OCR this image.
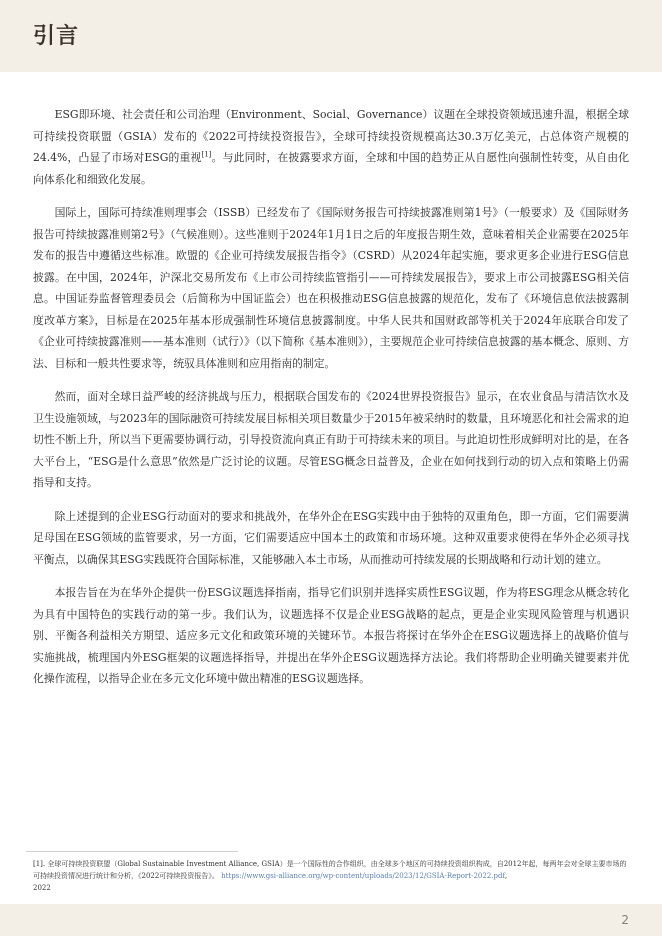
引言

ESG即环境、社会责任和公司治理（Environment、Social、Governance）议题在全球投资领域迅速升温，根据全球可持续投资联盟（GSIA）发布的《2022可持续投资报告》，全球可持续投资规模高达30.3万亿美元，占总体资产规模的24.4%，凸显了市场对ESG的重视[1]。与此同时，在披露要求方面，全球和中国的趋势正从自愿性向强制性转变，从自由化向体系化和细致化发展。

国际上，国际可持续准则理事会（ISSB）已经发布了《国际财务报告可持续披露准则第1号》（一般要求）及《国际财务报告可持续披露准则第2号》（气候准则）。这些准则于2024年1月1日之后的年度报告期生效，意味着相关企业需要在2025年发布的报告中遵循这些标准。欧盟的《企业可持续发展报告指令》（CSRD）从2024年起实施，要求更多企业进行ESG信息披露。在中国，2024年，沪深北交易所发布《上市公司持续监管指引——可持续发展报告》，要求上市公司披露ESG相关信息。中国证券监督管理委员会（后简称为中国证监会）也在积极推动ESG信息披露的规范化，发布了《环境信息依法披露制度改革方案》，目标是在2025年基本形成强制性环境信息披露制度。中华人民共和国财政部等机关于2024年底联合印发了《企业可持续披露准则——基本准则（试行）》（以下简称《基本准则》），主要规范企业可持续信息披露的基本概念、原则、方法、目标和一般共性要求等，统驭具体准则和应用指南的制定。

然而，面对全球日益严峻的经济挑战与压力，根据联合国发布的《2024世界投资报告》显示，在农业食品与清洁饮水及卫生设施领域，与2023年的国际融资可持续发展目标相关项目数量少于2015年被采纳时的数量，且环境恶化和社会需求的迫切性不断上升，所以当下更需要协调行动，引导投资流向真正有助于可持续未来的项目。与此迫切性形成鲜明对比的是，在各大平台上，“ESG是什么意思”依然是广泛讨论的议题。尽管ESG概念日益普及，企业在如何找到行动的切入点和策略上仍需指导和支持。

除上述提到的企业ESG行动面对的要求和挑战外，在华外企在ESG实践中由于独特的双重角色，即一方面，它们需要满足母国在ESG领域的监管要求，另一方面，它们需要适应中国本土的政策和市场环境。这种双重要求使得在华外企必须寻找平衡点，以确保其ESG实践既符合国际标准，又能够融入本土市场，从而推动可持续发展的长期战略和行动计划的建立。

本报告旨在为在华外企提供一份ESG议题选择指南，指导它们识别并选择实质性ESG议题，作为将ESG理念从概念转化为具有中国特色的实践行动的第一步。我们认为，议题选择不仅是企业ESG战略的起点，更是企业实现风险管理与机遇识别、平衡各利益相关方期望、适应多元文化和政策环境的关键环节。本报告将探讨在华外企在ESG议题选择上的战略价值与实施挑战，梳理国内外ESG框架的议题选择指导，并提出在华外企ESG议题选择方法论。我们将帮助企业明确关键要素并优化操作流程，以指导企业在多元文化环境中做出精准的ESG议题选择。

[1]. 全球可持续投资联盟（Global Sustainable Investment Alliance, GSIA）是一个国际性的合作组织，由全球多个地区的可持续投资组织构成，自2012年起，每两年会对全球主要市场的可持续投资情况进行统计和分析，《2022可持续投资报告》。 https://www.gsi-alliance.org/wp-content/uploads/2023/12/GSIA-Report-2022.pdf,
2022
2
